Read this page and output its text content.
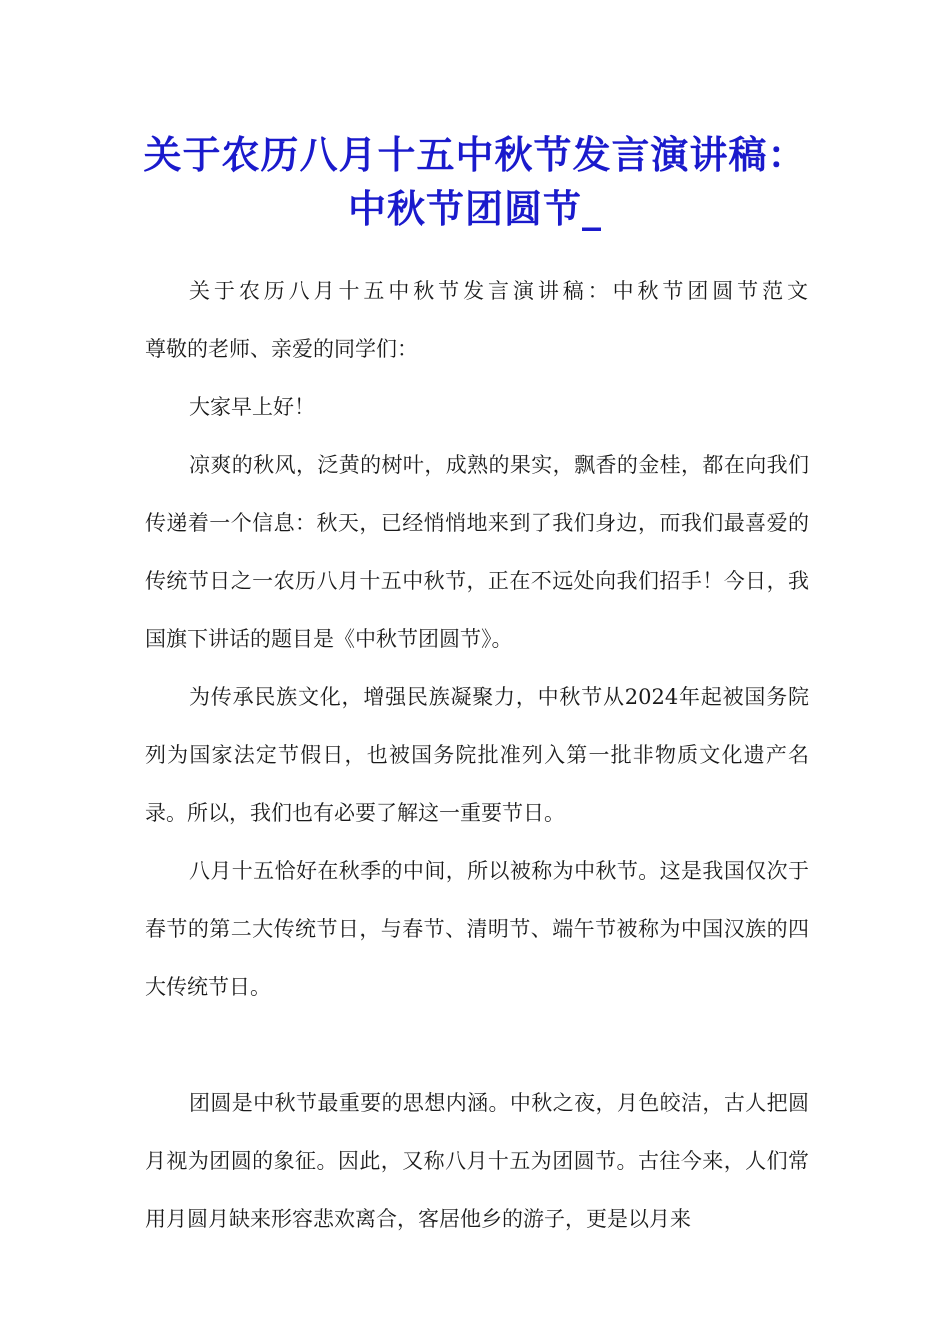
关于农历八月十五中秋节发言演讲稿：中秋节团圆节_

关于农历八月十五中秋节发言演讲稿：中秋节团圆节范文

尊敬的老师、亲爱的同学们：

大家早上好！

凉爽的秋风，泛黄的树叶，成熟的果实，飘香的金桂，都在向我们传递着一个信息：秋天，已经悄悄地来到了我们身边，而我们最喜爱的传统节日之一农历八月十五中秋节，正在不远处向我们招手！今日，我国旗下讲话的题目是《中秋节团圆节》。

为传承民族文化，增强民族凝聚力，中秋节从2024年起被国务院列为国家法定节假日，也被国务院批准列入第一批非物质文化遗产名录。所以，我们也有必要了解这一重要节日。

八月十五恰好在秋季的中间，所以被称为中秋节。这是我国仅次于春节的第二大传统节日，与春节、清明节、端午节被称为中国汉族的四大传统节日。

团圆是中秋节最重要的思想内涵。中秋之夜，月色皎洁，古人把圆月视为团圆的象征。因此，又称八月十五为团圆节。古往今来，人们常用月圆月缺来形容悲欢离合，客居他乡的游子，更是以月来
